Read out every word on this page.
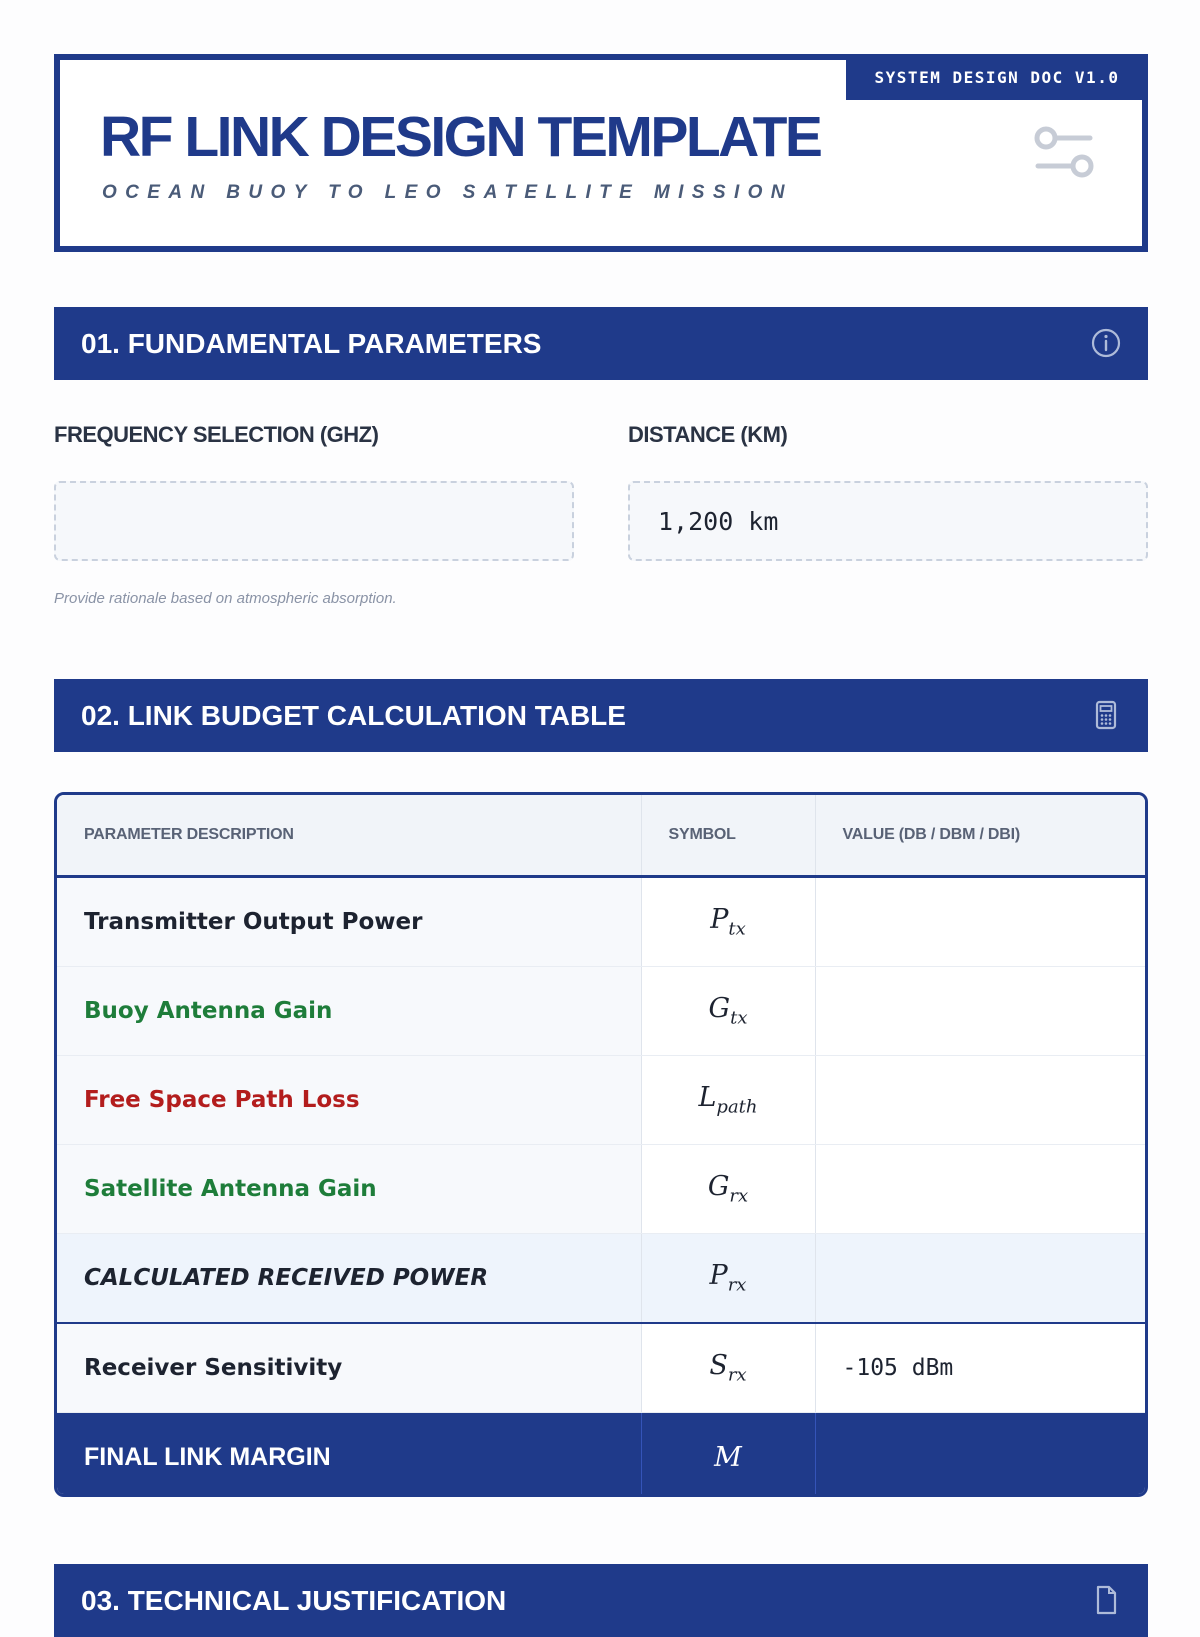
SYSTEM DESIGN DOC V1.0
RF LINK DESIGN TEMPLATE
OCEAN BUOY TO LEO SATELLITE MISSION
01. FUNDAMENTAL PARAMETERS
FREQUENCY SELECTION (GHZ)	DISTANCE (KM)
1,200 km
Provide rationale based on atmospheric absorption.
02. LINK BUDGET CALCULATION TABLE
PARAMETER DESCRIPTION	SYMBOL	VALUE (DB / DBM / DBI)
Transmitter Output Power	$P_{tx}$	
Buoy Antenna Gain	$G_{tx}$	
Free Space Path Loss	$L_{path}$	
Satellite Antenna Gain	$G_{rx}$	
CALCULATED RECEIVED POWER	$P_{rx}$	
Receiver Sensitivity	$S_{rx}$	-105 dBm
FINAL LINK MARGIN	M	
03. TECHNICAL JUSTIFICATION
